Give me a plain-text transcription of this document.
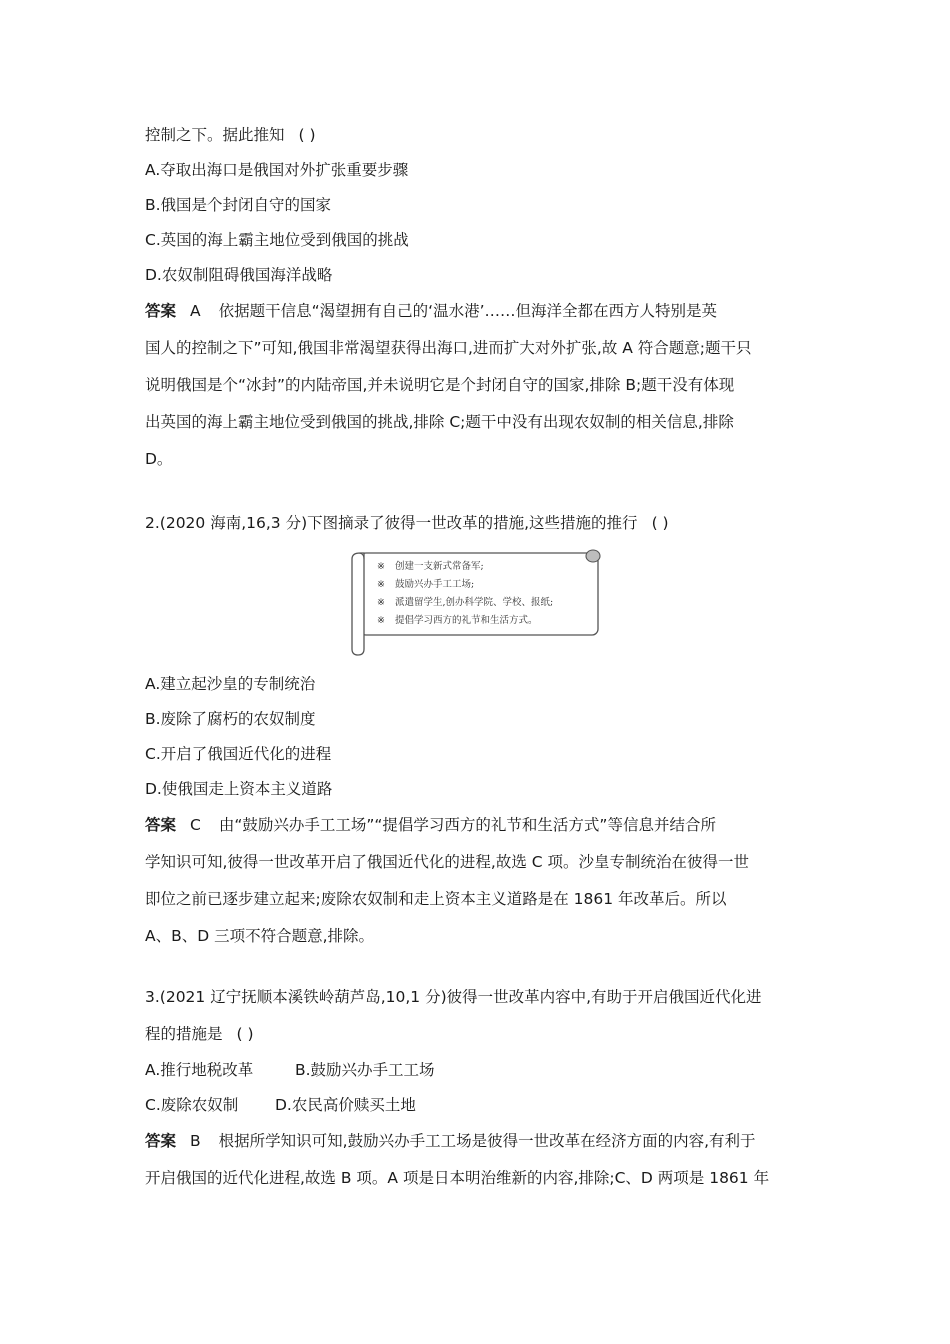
控制之下。据此推知 ( )
A.夺取出海口是俄国对外扩张重要步骤
B.俄国是个封闭自守的国家
C.英国的海上霸主地位受到俄国的挑战
D.农奴制阻碍俄国海洋战略
答案 A 依据题干信息“渴望拥有自己的‘温水港’……但海洋全都在西方人特别是英
国人的控制之下”可知,俄国非常渴望获得出海口,进而扩大对外扩张,故 A 符合题意;题干只
说明俄国是个“冰封”的内陆帝国,并未说明它是个封闭自守的国家,排除 B;题干没有体现
出英国的海上霸主地位受到俄国的挑战,排除 C;题干中没有出现农奴制的相关信息,排除
D。
2.(2020 海南,16,3 分)下图摘录了彼得一世改革的措施,这些措施的推行 ( )
※ 创建一支新式常备军;
※ 鼓励兴办手工工场;
※ 派遣留学生,创办科学院、学校、报纸;
※ 提倡学习西方的礼节和生活方式。
A.建立起沙皇的专制统治
B.废除了腐朽的农奴制度
C.开启了俄国近代化的进程
D.使俄国走上资本主义道路
答案 C 由“鼓励兴办手工工场”“提倡学习西方的礼节和生活方式”等信息并结合所
学知识可知,彼得一世改革开启了俄国近代化的进程,故选 C 项。沙皇专制统治在彼得一世
即位之前已逐步建立起来;废除农奴制和走上资本主义道路是在 1861 年改革后。所以
A、B、D 三项不符合题意,排除。
3.(2021 辽宁抚顺本溪铁岭葫芦岛,10,1 分)彼得一世改革内容中,有助于开启俄国近代化进
程的措施是 ( )
A.推行地税改革	B.鼓励兴办手工工场
C.废除农奴制 D.农民高价赎买土地
答案 B 根据所学知识可知,鼓励兴办手工工场是彼得一世改革在经济方面的内容,有利于
开启俄国的近代化进程,故选 B 项。A 项是日本明治维新的内容,排除;C、D 两项是 1861 年
